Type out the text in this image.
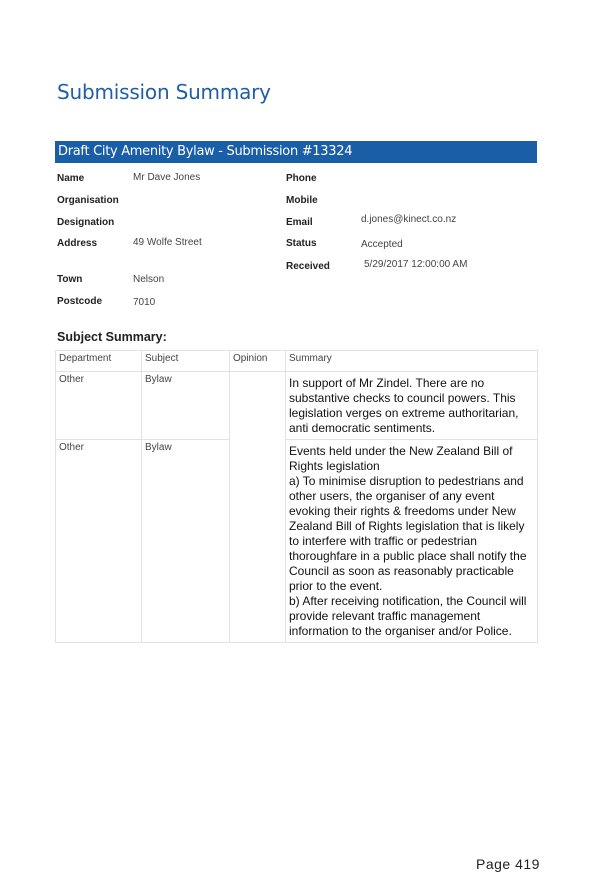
Submission Summary
Draft City Amenity Bylaw - Submission #13324
Name	Mr Dave Jones
Organisation
Designation
Address	49 Wolfe Street
Town	Nelson
Postcode	7010
Phone
Mobile
Email	d.jones@kinect.co.nz
Status	Accepted
Received	5/29/2017 12:00:00 AM
Subject Summary:
Department	Subject	Opinion	Summary
Other	Bylaw		In support of Mr Zindel. There are no substantive checks to council powers. This legislation verges on extreme authoritarian, anti democratic sentiments.

Other	Bylaw		Events held under the New Zealand Bill of Rights legislation
a) To minimise disruption to pedestrians and other users, the organiser of any event evoking their rights & freedoms under New Zealand Bill of Rights legislation that is likely to interfere with traffic or pedestrian thoroughfare in a public place shall notify the Council as soon as reasonably practicable prior to the event.
b) After receiving notification, the Council will provide relevant traffic management information to the organiser and/or Police.
Page 419
